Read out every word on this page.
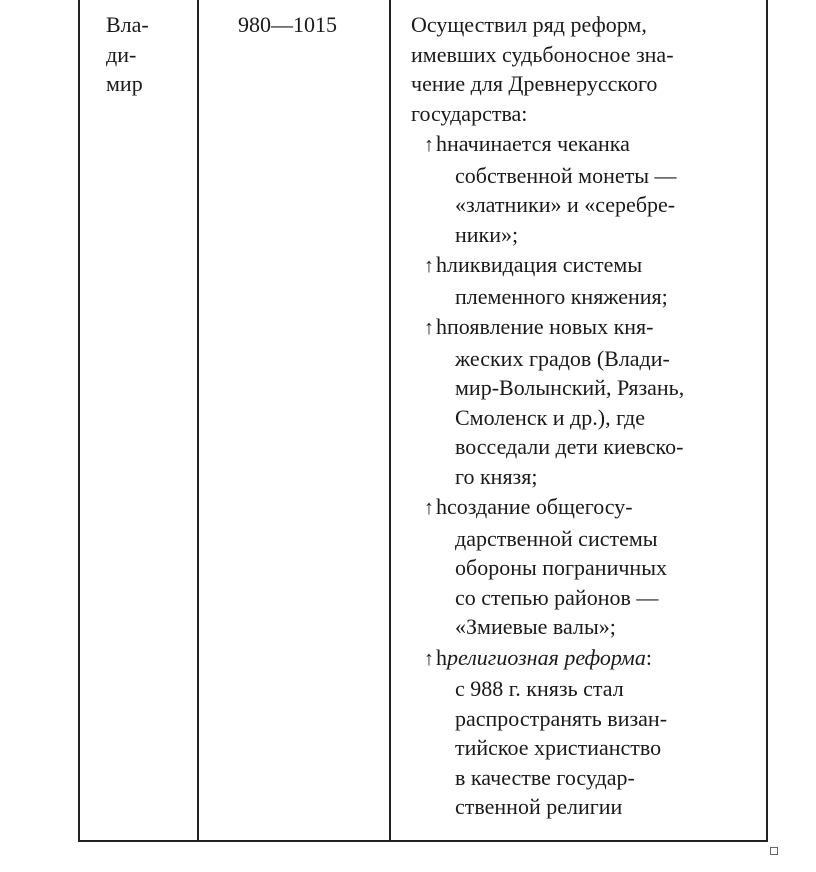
Вла-
ди-
мир
980—1015	Осуществил ряд реформ,
имевших судьбоносное зна-
чение для Древнерусского
государства:
↑hначинается чеканка
собственной монеты —
«златники» и «серебре-
ники»;
↑hликвидация системы
племенного княжения;
↑hпоявление новых кня-
жеских градов (Влади-
мир-Волынский, Рязань,
Смоленск и др.), где
восседали дети киевско-
го князя;
↑hсоздание общегосу-
дарственной системы
обороны пограничных
со степью районов —
«Змиевые валы»;
↑hрелигиозная реформа:
с 988 г. князь стал
распространять визан-
тийское христианство
в качестве государ-
ственной религии
